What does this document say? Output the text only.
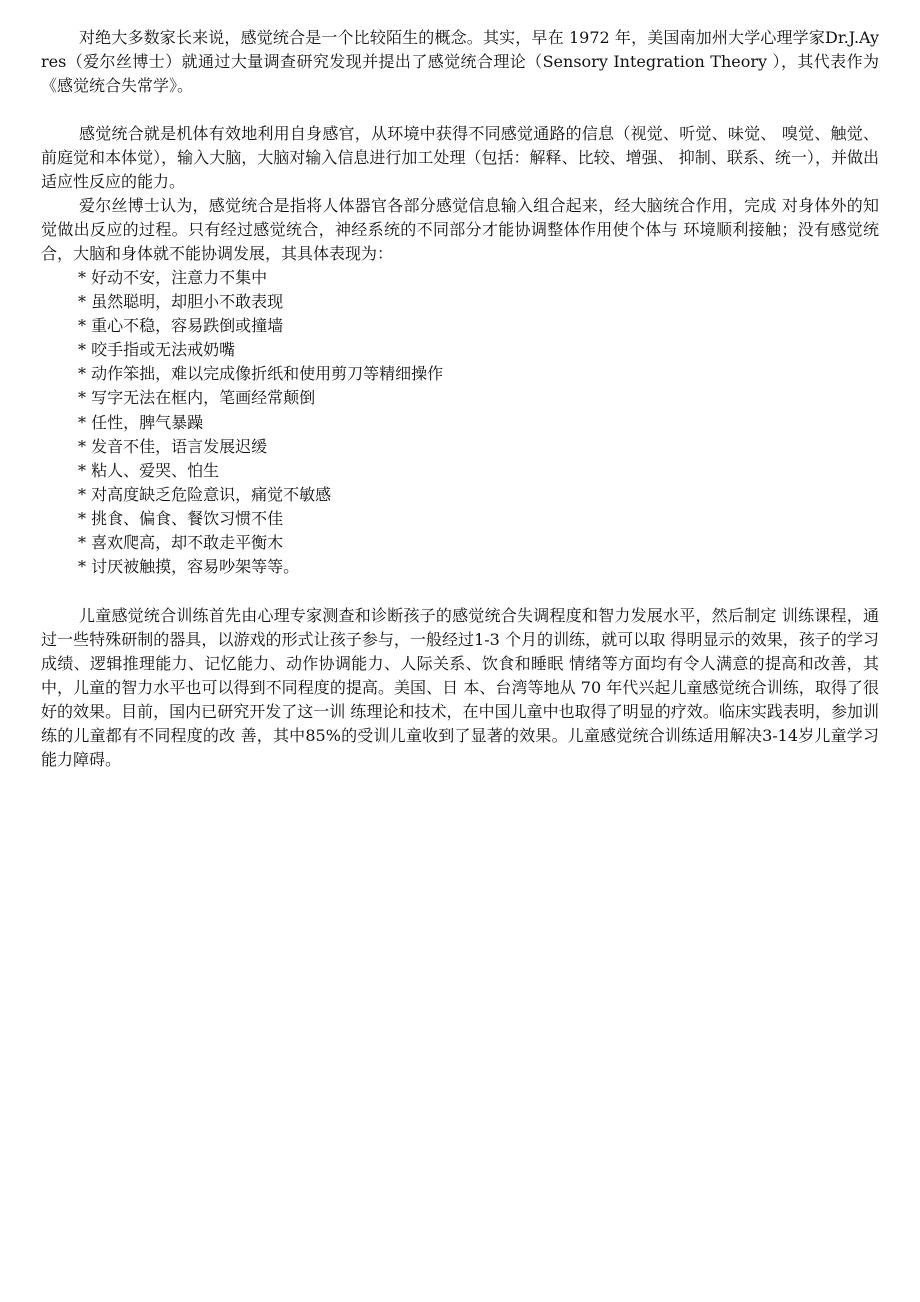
对绝大多数家长来说，感觉统合是一个比较陌生的概念。其实，早在 1972 年，美国南加州大学心理学家Dr.J.Ayres（爱尔丝博士）就通过大量调查研究发现并提出了感觉统合理论（Sensory Integration Theory ），其代表作为《感觉统合失常学》。

感觉统合就是机体有效地利用自身感官，从环境中获得不同感觉通路的信息（视觉、听觉、味觉、 嗅觉、触觉、前庭觉和本体觉），输入大脑，大脑对输入信息进行加工处理（包括：解释、比较、增强、 抑制、联系、统一），并做出适应性反应的能力。

爱尔丝博士认为，感觉统合是指将人体器官各部分感觉信息输入组合起来，经大脑统合作用，完成 对身体外的知觉做出反应的过程。只有经过感觉统合，神经系统的不同部分才能协调整体作用使个体与 环境顺利接触；没有感觉统合，大脑和身体就不能协调发展，其具体表现为：

* 好动不安，注意力不集中
* 虽然聪明，却胆小不敢表现
* 重心不稳，容易跌倒或撞墙
* 咬手指或无法戒奶嘴
* 动作笨拙，难以完成像折纸和使用剪刀等精细操作
* 写字无法在框内，笔画经常颠倒
* 任性，脾气暴躁
* 发音不佳，语言发展迟缓
* 粘人、爱哭、怕生
* 对高度缺乏危险意识，痛觉不敏感
* 挑食、偏食、餐饮习惯不佳
* 喜欢爬高，却不敢走平衡木
* 讨厌被触摸，容易吵架等等。

儿童感觉统合训练首先由心理专家测查和诊断孩子的感觉统合失调程度和智力发展水平，然后制定 训练课程，通过一些特殊研制的器具，以游戏的形式让孩子参与，一般经过1-3 个月的训练，就可以取 得明显示的效果，孩子的学习成绩、逻辑推理能力、记忆能力、动作协调能力、人际关系、饮食和睡眠 情绪等方面均有令人满意的提高和改善，其中，儿童的智力水平也可以得到不同程度的提高。美国、日 本、台湾等地从 70 年代兴起儿童感觉统合训练，取得了很好的效果。目前，国内已研究开发了这一训 练理论和技术，在中国儿童中也取得了明显的疗效。临床实践表明，参加训练的儿童都有不同程度的改 善，其中85%的受训儿童收到了显著的效果。儿童感觉统合训练适用解决3-14岁儿童学习能力障碍。
